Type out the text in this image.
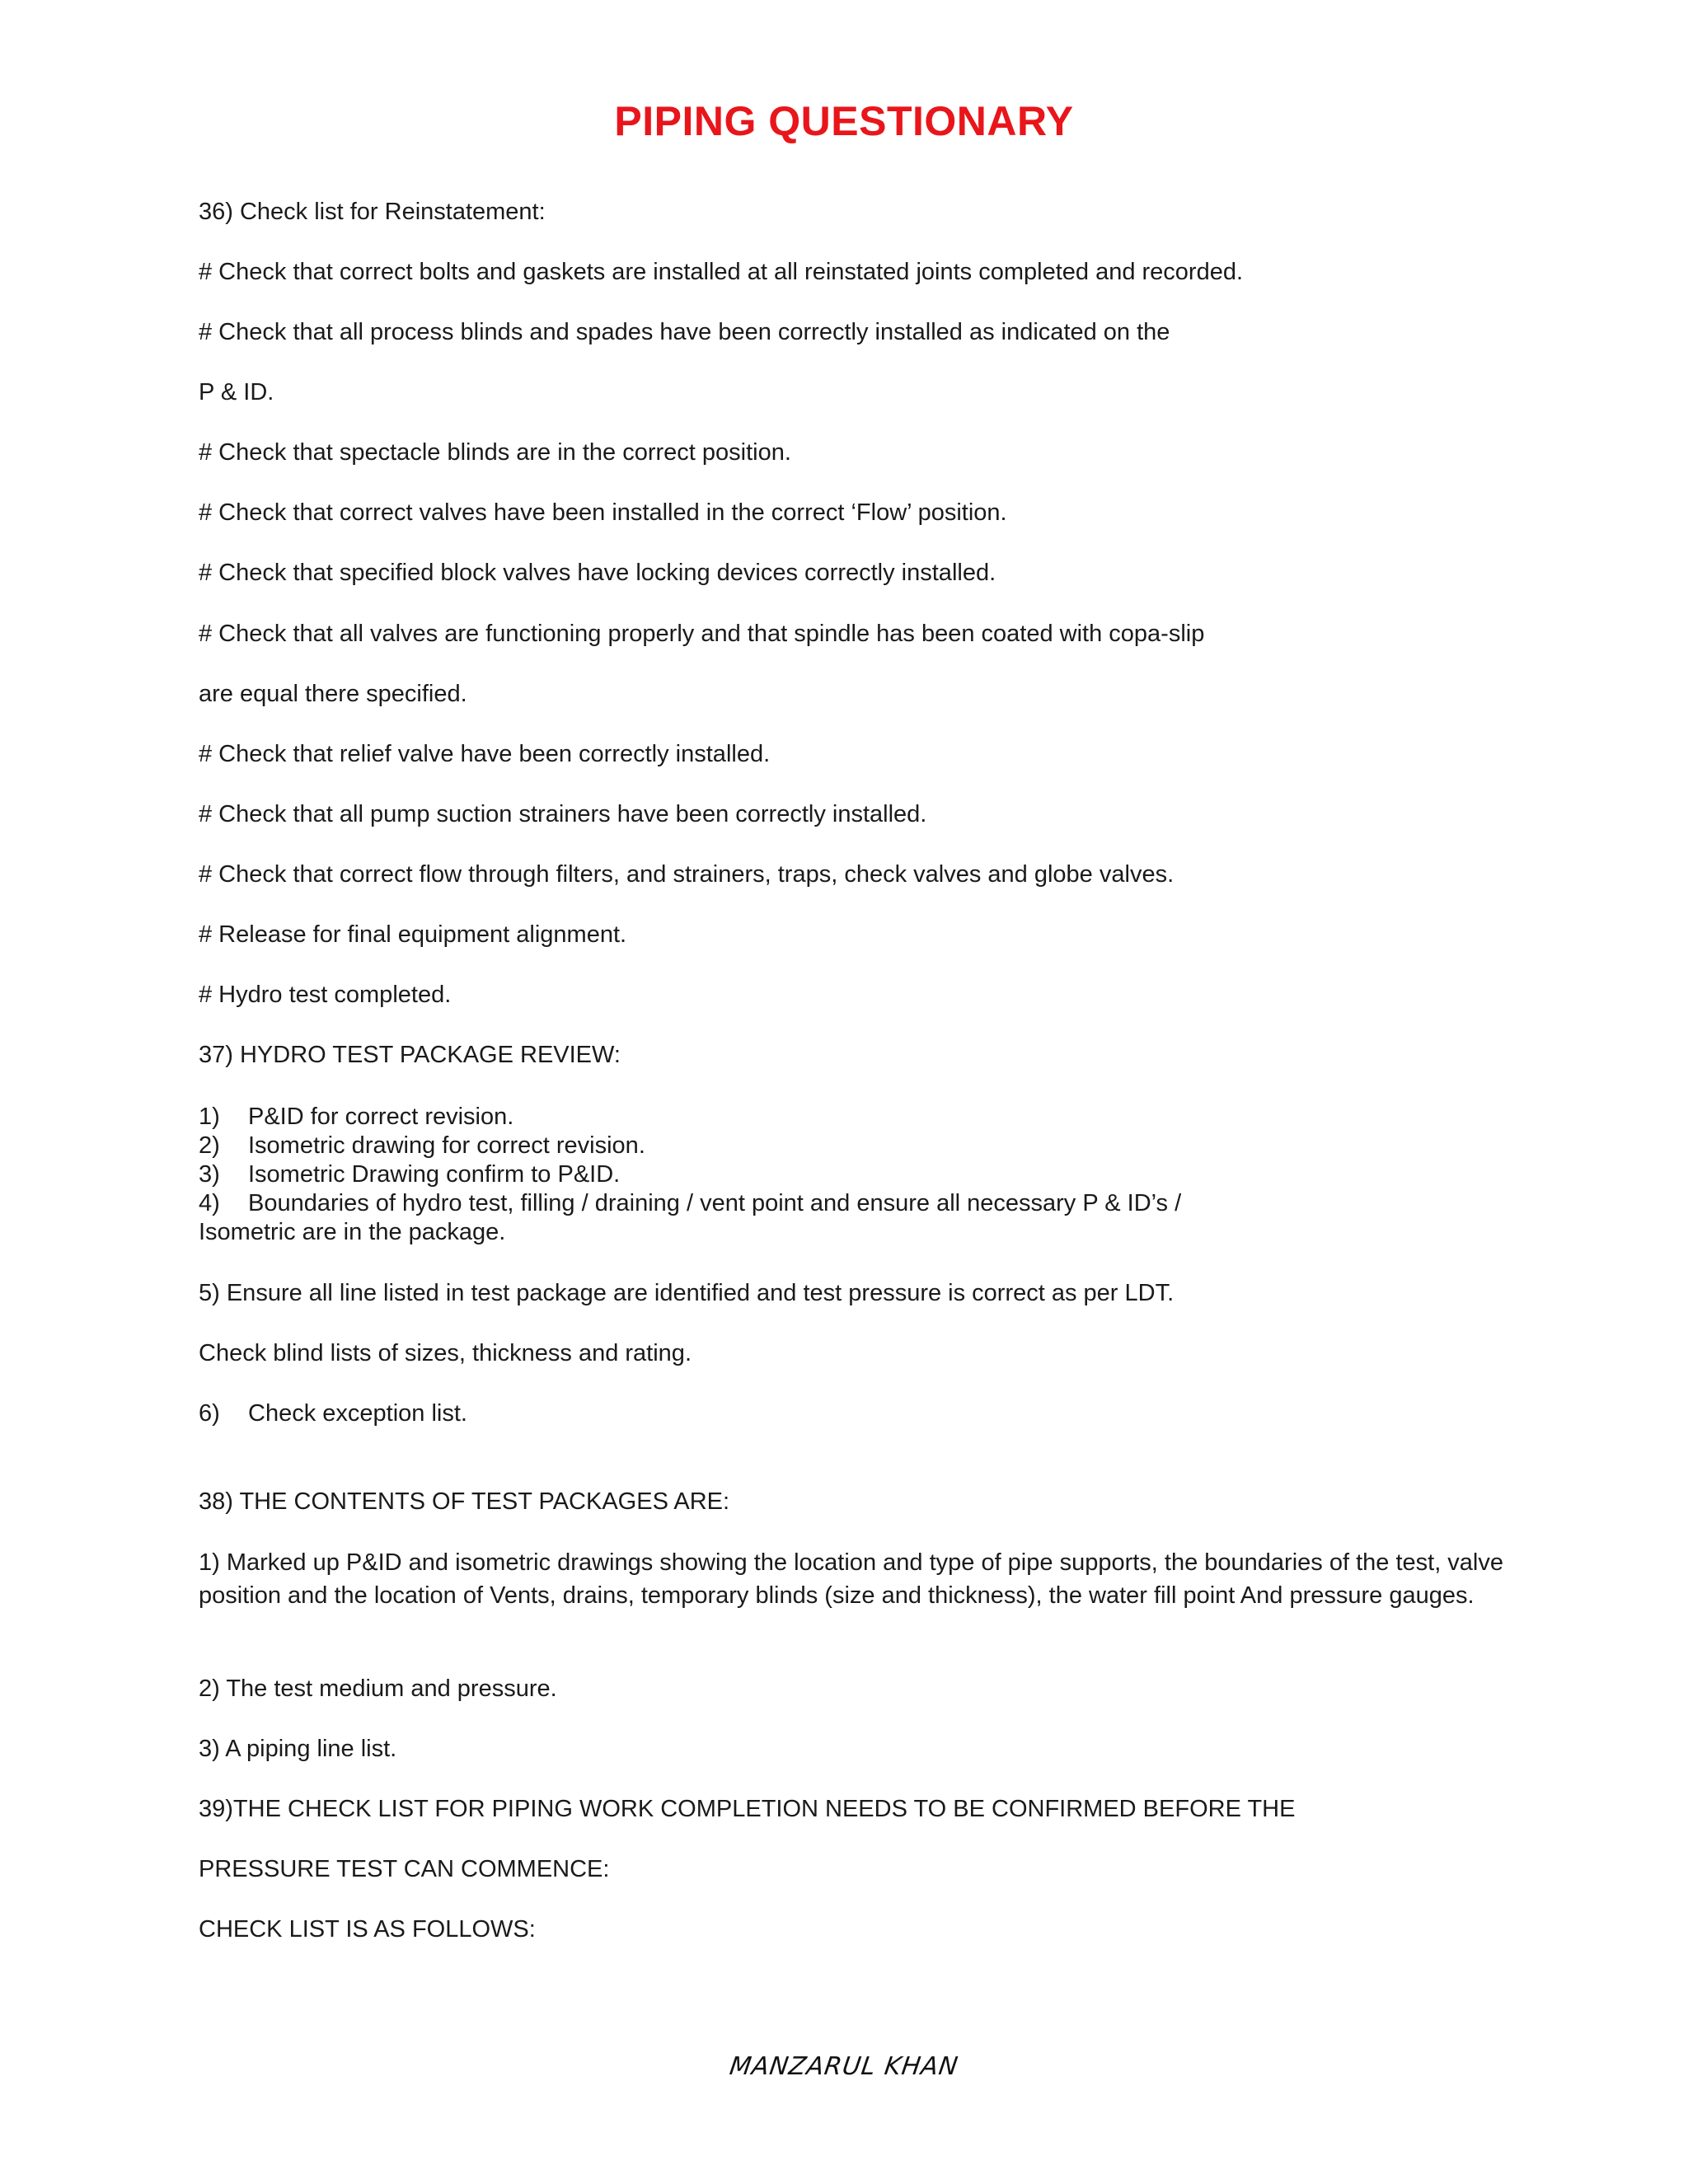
PIPING QUESTIONARY

36) Check list for Reinstatement:

# Check that correct bolts and gaskets are installed at all reinstated joints completed and recorded.

# Check that all process blinds and spades have been correctly installed as indicated on the

P & ID.

# Check that spectacle blinds are in the correct position.

# Check that correct valves have been installed in the correct ‘Flow’ position.

# Check that specified block valves have locking devices correctly installed.

# Check that all valves are functioning properly and that spindle has been coated with copa-slip

are equal there specified.

# Check that relief valve have been correctly installed.

# Check that all pump suction strainers have been correctly installed.

# Check that correct flow through filters, and strainers, traps, check valves and globe valves.

# Release for final equipment alignment.

# Hydro test completed.

37) HYDRO TEST PACKAGE REVIEW:

1) P&ID for correct revision.

2) Isometric drawing for correct revision.

3) Isometric Drawing confirm to P&ID.

4) Boundaries of hydro test, filling / draining / vent point and ensure all necessary P & ID’s /

Isometric are in the package.

5) Ensure all line listed in test package are identified and test pressure is correct as per LDT.

Check blind lists of sizes, thickness and rating.

6) Check exception list.

38) THE CONTENTS OF TEST PACKAGES ARE:

1) Marked up P&ID and isometric drawings showing the location and type of pipe supports, the boundaries of the test, valve position and the location of Vents, drains, temporary blinds (size and thickness), the water fill point And pressure gauges.

2) The test medium and pressure.

3) A piping line list.

39)THE CHECK LIST FOR PIPING WORK COMPLETION NEEDS TO BE CONFIRMED BEFORE THE

PRESSURE TEST CAN COMMENCE:

CHECK LIST IS AS FOLLOWS:

MANZARUL KHAN
